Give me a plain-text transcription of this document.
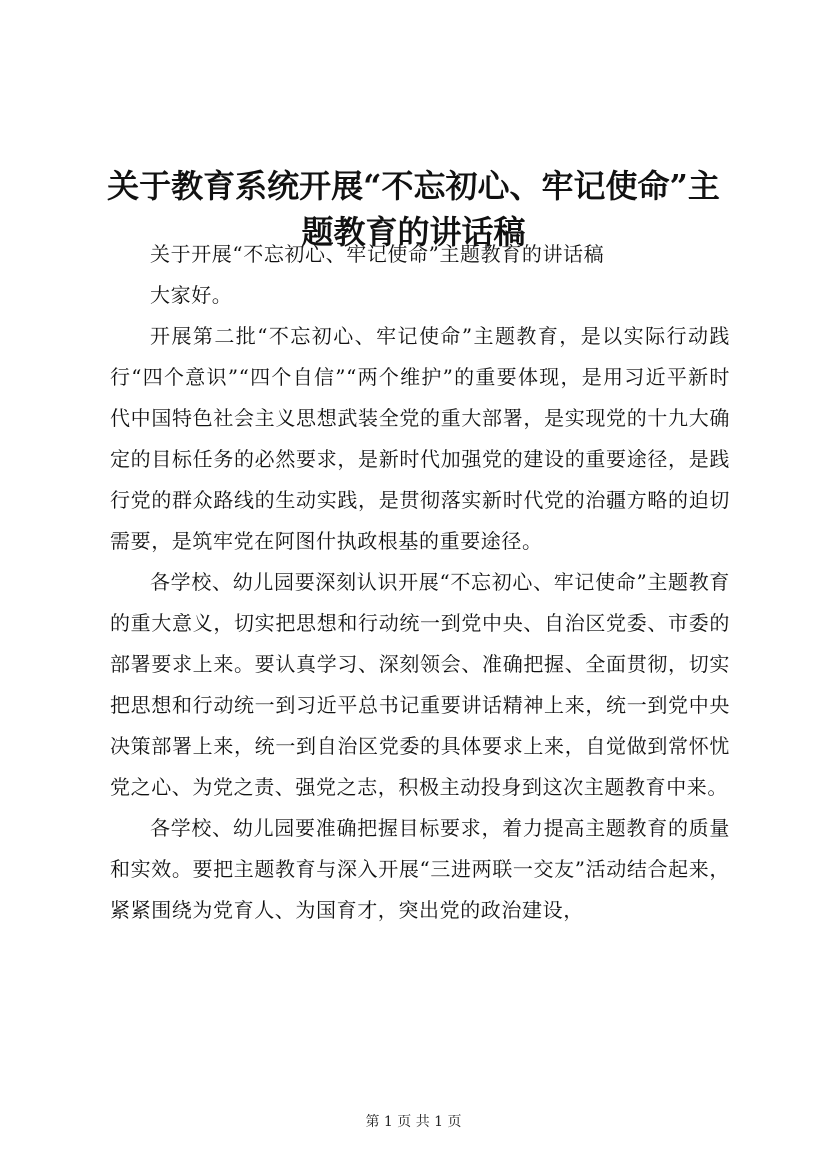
关于教育系统开展“不忘初心、牢记使命”主
题教育的讲话稿

关于开展“不忘初心、牢记使命”主题教育的讲话稿

大家好。

开展第二批“不忘初心、牢记使命”主题教育，是以实际行动践行“四个意识”“四个自信”“两个维护”的重要体现，是用习近平新时代中国特色社会主义思想武装全党的重大部署，是实现党的十九大确定的目标任务的必然要求，是新时代加强党的建设的重要途径，是践行党的群众路线的生动实践，是贯彻落实新时代党的治疆方略的迫切需要，是筑牢党在阿图什执政根基的重要途径。

各学校、幼儿园要深刻认识开展“不忘初心、牢记使命”主题教育的重大意义，切实把思想和行动统一到党中央、自治区党委、市委的部署要求上来。要认真学习、深刻领会、准确把握、全面贯彻，切实把思想和行动统一到习近平总书记重要讲话精神上来，统一到党中央决策部署上来，统一到自治区党委的具体要求上来，自觉做到常怀忧党之心、为党之责、强党之志，积极主动投身到这次主题教育中来。

各学校、幼儿园要准确把握目标要求，着力提高主题教育的质量和实效。要把主题教育与深入开展“三进两联一交友”活动结合起来，紧紧围绕为党育人、为国育才，突出党的政治建设，

第 1 页 共 1 页
